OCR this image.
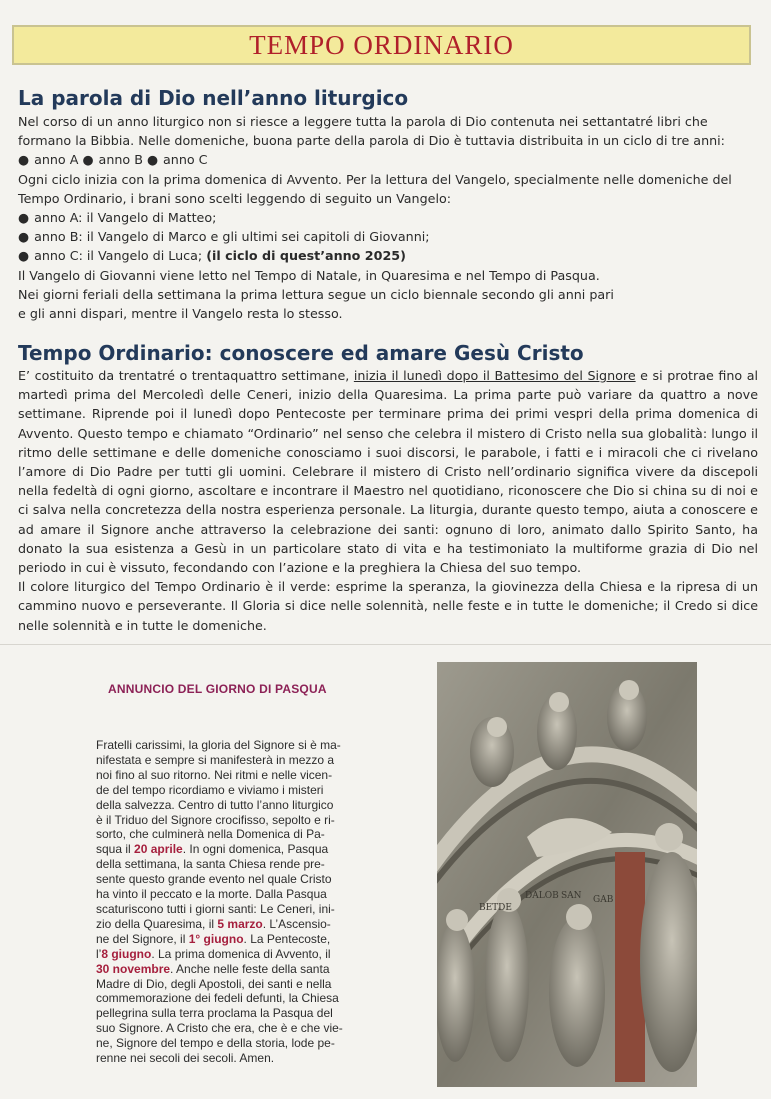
TEMPO ORDINARIO
La parola di Dio nell’anno liturgico

Nel corso di un anno liturgico non si riesce a leggere tutta la parola di Dio contenuta nei settantatré libri che
formano la Bibbia. Nelle domeniche, buona parte della parola di Dio è tuttavia distribuita in un ciclo di tre anni:
● anno A ● anno B ● anno C
Ogni ciclo inizia con la prima domenica di Avvento. Per la lettura del Vangelo, specialmente nelle domeniche del
Tempo Ordinario, i brani sono scelti leggendo di seguito un Vangelo:
● anno A: il Vangelo di Matteo;
● anno B: il Vangelo di Marco e gli ultimi sei capitoli di Giovanni;
● anno C: il Vangelo di Luca; (il ciclo di quest’anno 2025)
Il Vangelo di Giovanni viene letto nel Tempo di Natale, in Quaresima e nel Tempo di Pasqua.
Nei giorni feriali della settimana la prima lettura segue un ciclo biennale secondo gli anni pari
e gli anni dispari, mentre il Vangelo resta lo stesso.

Tempo Ordinario: conoscere ed amare Gesù Cristo

E’ costituito da trentatré o trentaquattro settimane, inizia il lunedì dopo il Battesimo del Signore e si protrae fino al martedì prima del Mercoledì delle Ceneri, inizio della Quaresima. La prima parte può variare da quattro a nove settimane. Riprende poi il lunedì dopo Pentecoste per terminare prima dei primi vespri della prima domenica di Avvento. Questo tempo e chiamato “Ordinario” nel senso che celebra il mistero di Cristo nella sua globalità: lungo il ritmo delle settimane e delle domeniche conosciamo i suoi discorsi, le parabole, i fatti e i miracoli che ci rivelano l’amore di Dio Padre per tutti gli uomini. Celebrare il mistero di Cristo nell’ordinario significa vivere da discepoli nella fedeltà di ogni giorno, ascoltare e incontrare il Maestro nel quotidiano, riconoscere che Dio si china su di noi e ci salva nella concretezza della nostra esperienza personale. La liturgia, durante questo tempo, aiuta a conoscere e ad amare il Signore anche attraverso la celebrazione dei santi: ognuno di loro, animato dallo Spirito Santo, ha donato la sua esistenza a Gesù in un particolare stato di vita e ha testimoniato la multiforme grazia di Dio nel periodo in cui è vissuto, fecondando con l’azione e la preghiera la Chiesa del suo tempo.
Il colore liturgico del Tempo Ordinario è il verde: esprime la speranza, la giovinezza della Chiesa e la ripresa di un cammino nuovo e perseverante. Il Gloria si dice nelle solennità, nelle feste e in tutte le domeniche; il Credo si dice nelle solennità e in tutte le domeniche.

ANNUNCIO DEL GIORNO DI PASQUA

Fratelli carissimi, la gloria del Signore si è ma-
nifestata e sempre si manifesterà in mezzo a
noi fino al suo ritorno. Nei ritmi e nelle vicen-
de del tempo ricordiamo e viviamo i misteri
della salvezza. Centro di tutto l’anno liturgico
è il Triduo del Signore crocifisso, sepolto e ri-
sorto, che culminerà nella Domenica di Pa-
squa il 20 aprile. In ogni domenica, Pasqua
della settimana, la santa Chiesa rende pre-
sente questo grande evento nel quale Cristo
ha vinto il peccato e la morte. Dalla Pasqua
scaturiscono tutti i giorni santi: Le Ceneri, ini-
zio della Quaresima, il 5 marzo. L’Ascensio-
ne del Signore, il 1° giugno. La Pentecoste,
l’8 giugno. La prima domenica di Avvento, il
30 novembre. Anche nelle feste della santa
Madre di Dio, degli Apostoli, dei santi e nella
commemorazione dei fedeli defunti, la Chiesa
pellegrina sulla terra proclama la Pasqua del
suo Signore. A Cristo che era, che è e che vie-
ne, Signore del tempo e della storia, lode pe-
renne nei secoli dei secoli. Amen.

BETDE
DALOB SAN GAB
